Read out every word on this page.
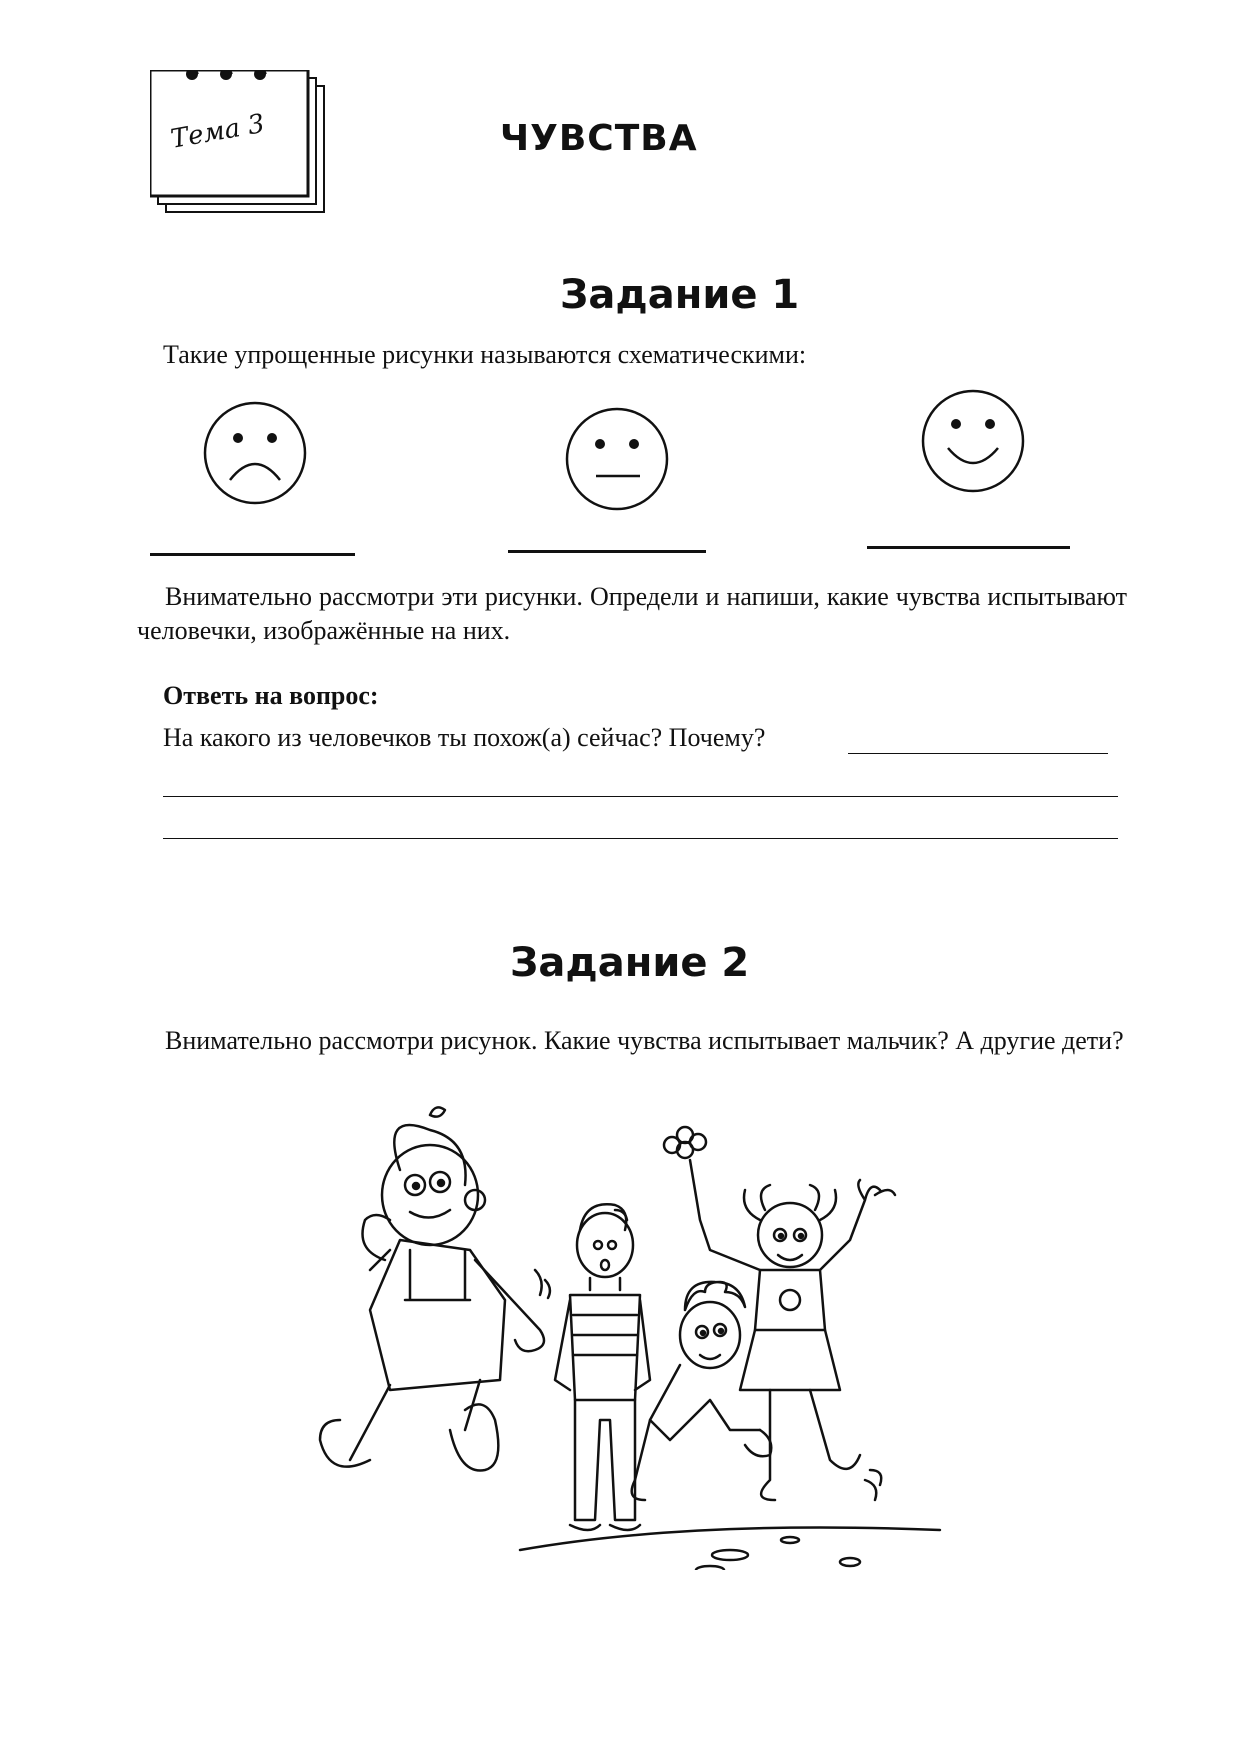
Тема 3	ЧУВСТВА
Задание 1
Такие упрощенные рисунки называются схематическими:
Внимательно рассмотри эти рисунки. Определи и напиши, какие чувства испытывают человечки, изображённые на них.
Ответь на вопрос:
На какого из человечков ты похож(а) сейчас? Почему?
Задание 2
Внимательно рассмотри рисунок. Какие чувства испытывает мальчик? А другие дети?
